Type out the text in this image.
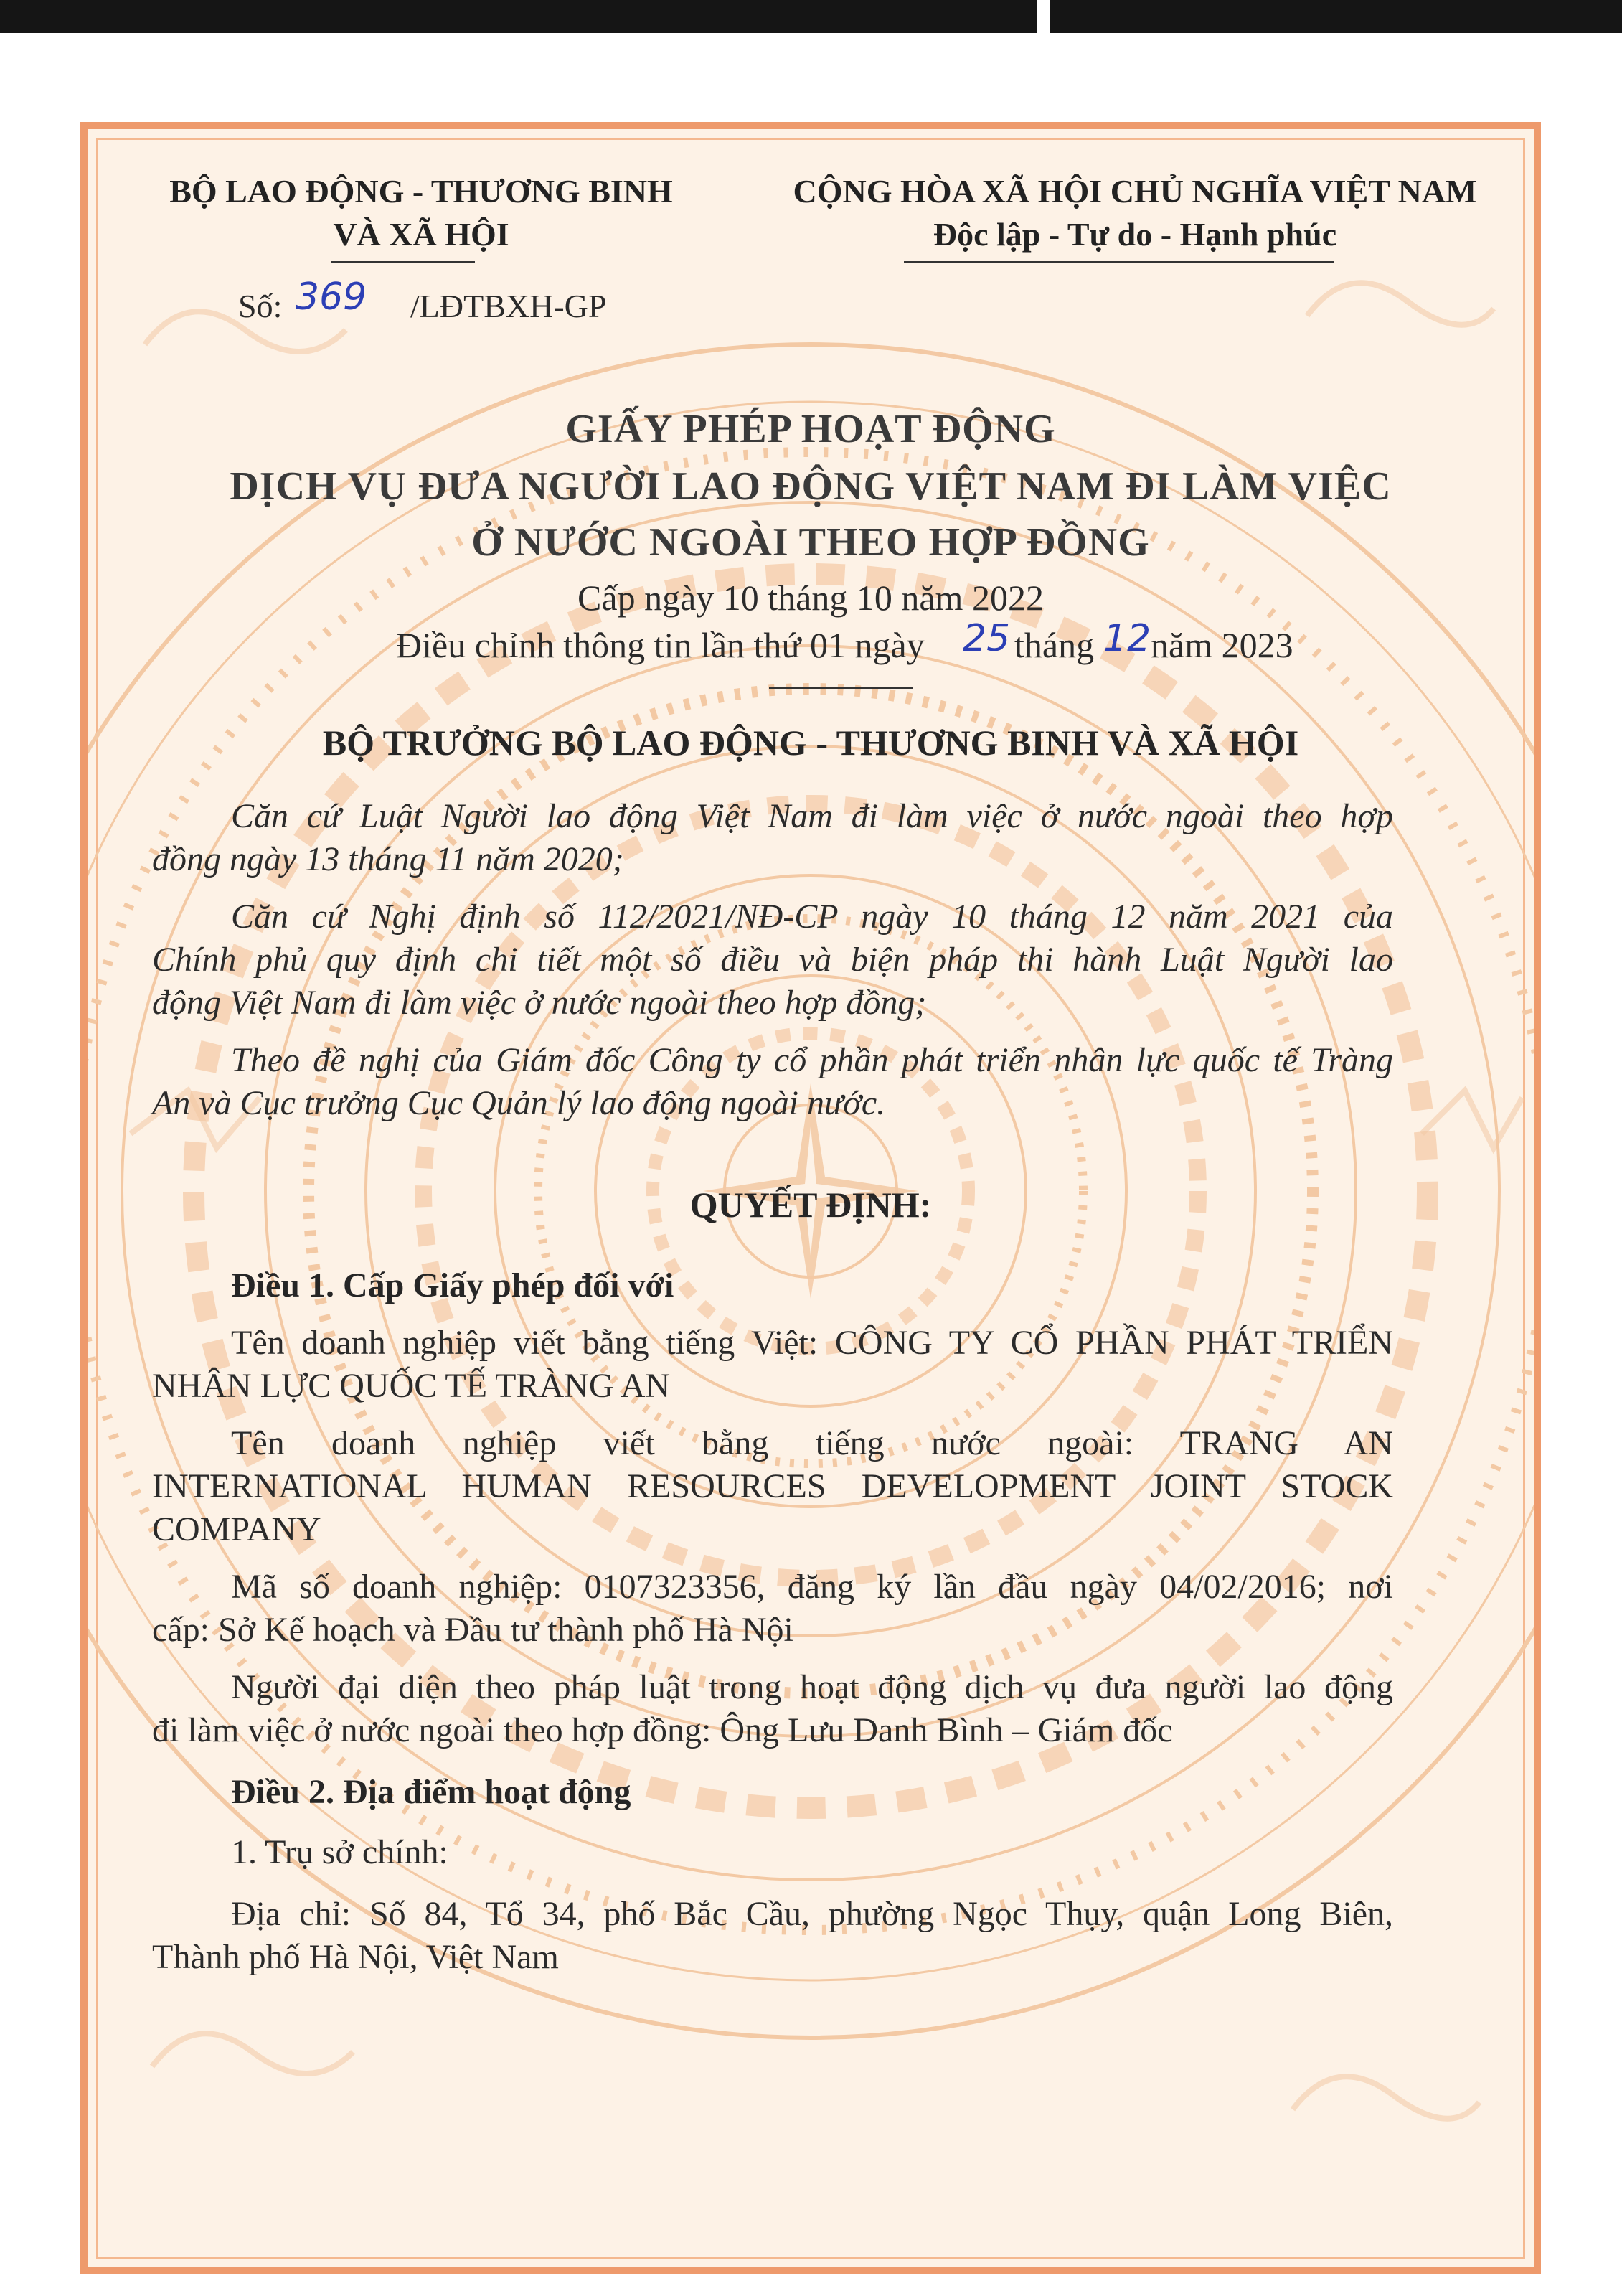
BỘ LAO ĐỘNG - THƯƠNG BINH
VÀ XÃ HỘI
CỘNG HÒA XÃ HỘI CHỦ NGHĨA VIỆT NAM
Độc lập - Tự do - Hạnh phúc
Số: 369 /LĐTBXH-GP
GIẤY PHÉP HOẠT ĐỘNG
DỊCH VỤ ĐƯA NGƯỜI LAO ĐỘNG VIỆT NAM ĐI LÀM VIỆC
Ở NƯỚC NGOÀI THEO HỢP ĐỒNG
Cấp ngày 10 tháng 10 năm 2022
Điều chỉnh thông tin lần thứ 01 ngày 25 tháng 12 năm 2023
BỘ TRƯỞNG BỘ LAO ĐỘNG - THƯƠNG BINH VÀ XÃ HỘI
Căn cứ Luật Người lao động Việt Nam đi làm việc ở nước ngoài theo hợp
đồng ngày 13 tháng 11 năm 2020;
Căn cứ Nghị định số 112/2021/NĐ-CP ngày 10 tháng 12 năm 2021 của
Chính phủ quy định chi tiết một số điều và biện pháp thi hành Luật Người lao
động Việt Nam đi làm việc ở nước ngoài theo hợp đồng;
Theo đề nghị của Giám đốc Công ty cổ phần phát triển nhân lực quốc tế Tràng
An và Cục trưởng Cục Quản lý lao động ngoài nước.
QUYẾT ĐỊNH:
Điều 1. Cấp Giấy phép đối với
Tên doanh nghiệp viết bằng tiếng Việt: CÔNG TY CỔ PHẦN PHÁT TRIỂN
NHÂN LỰC QUỐC TẾ TRÀNG AN
Tên doanh nghiệp viết bằng tiếng nước ngoài: TRANG AN
INTERNATIONAL HUMAN RESOURCES DEVELOPMENT JOINT STOCK
COMPANY
Mã số doanh nghiệp: 0107323356, đăng ký lần đầu ngày 04/02/2016; nơi
cấp: Sở Kế hoạch và Đầu tư thành phố Hà Nội
Người đại diện theo pháp luật trong hoạt động dịch vụ đưa người lao động
đi làm việc ở nước ngoài theo hợp đồng: Ông Lưu Danh Bình – Giám đốc
Điều 2. Địa điểm hoạt động
1. Trụ sở chính:
Địa chỉ: Số 84, Tổ 34, phố Bắc Cầu, phường Ngọc Thụy, quận Long Biên,
Thành phố Hà Nội, Việt Nam
